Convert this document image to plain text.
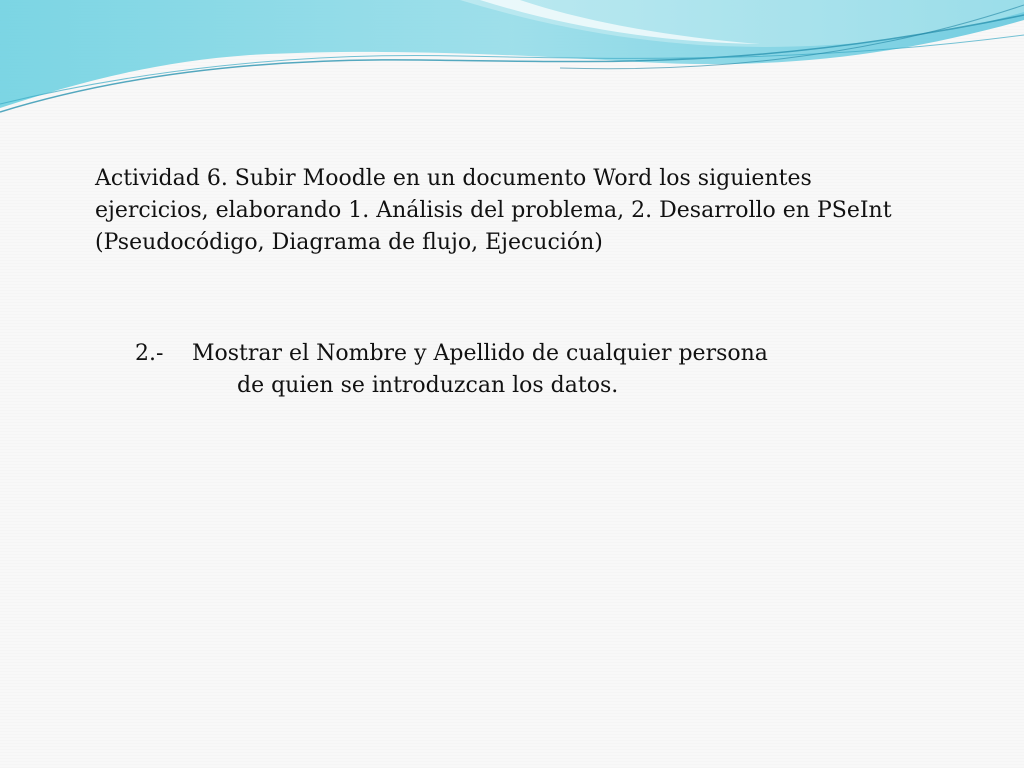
Actividad 6. Subir Moodle en un documento Word los siguientes
ejercicios, elaborando 1. Análisis del problema, 2. Desarrollo en PSeInt
(Pseudocódigo, Diagrama de flujo, Ejecución)

2.- Mostrar el Nombre y Apellido de cualquier persona
de quien se introduzcan los datos.
